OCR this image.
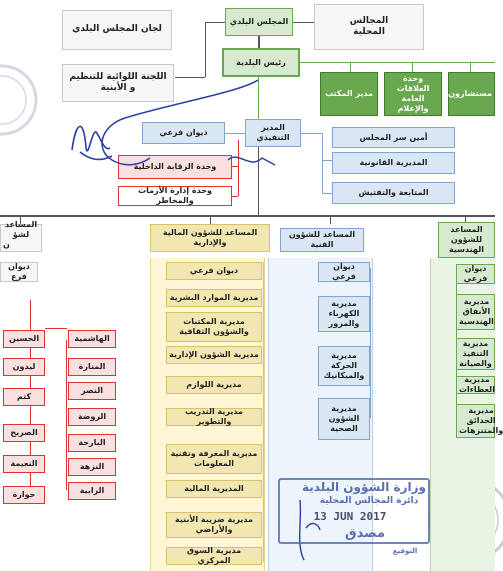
المجلس البلدي
لجان المجلس البلدي
المجالس
المحلية
اللجنة اللوائية للتنظيم و الأبنية
رئيس البلدية
مدير المكتب
وحدة العلاقات العامة والإعلام
مستشارون
المدير التنفيذي
ديوان فرعي
وحدة الرقابة الداخلية
وحدة إدارة الأزمات والمخاطر
أمين سر المجلس
المديرية القانونية
المتابعة والتفتيش
المساعد لشؤ
ن
ديوان فرع
المساعد للشؤون المالية والإدارية
المساعد للشؤون الفنية
المساعد للشؤون الهندسية
ديوان فرعي
مديرية الموارد البشرية
مديرية المكتبات والشؤون الثقافية
مديرية الشؤون الإدارية
مديرية اللوازم
مديرية التدريب والتطوير
مديرية المعرفة وتقنية المعلومات
المديرية المالية
مديرية ضريبة الأبنية والأراضي
مديرية السوق المركزي
ديوان فرعي
مديرية الكهرباء والمرور
مديرية الحركة والميكانيك
مديرية الشؤون الصحية
ديوان فرعي
مديرية الأنفاق الهندسية
مديرية التنفيذ والصيانة
مديرية العطاءات
مديرية الحدائق والمتنزهات
الحسين
ليدون
كتم
الصريح
النعيمة
حوارة
الهاشمية
المنارة
النصر
الروضة
البارحة
النزهة
الرابية	وزارة الشؤون البلدية
دائرة المجالس المحلية
13 JUN 2017
مصدق
التوقيع
